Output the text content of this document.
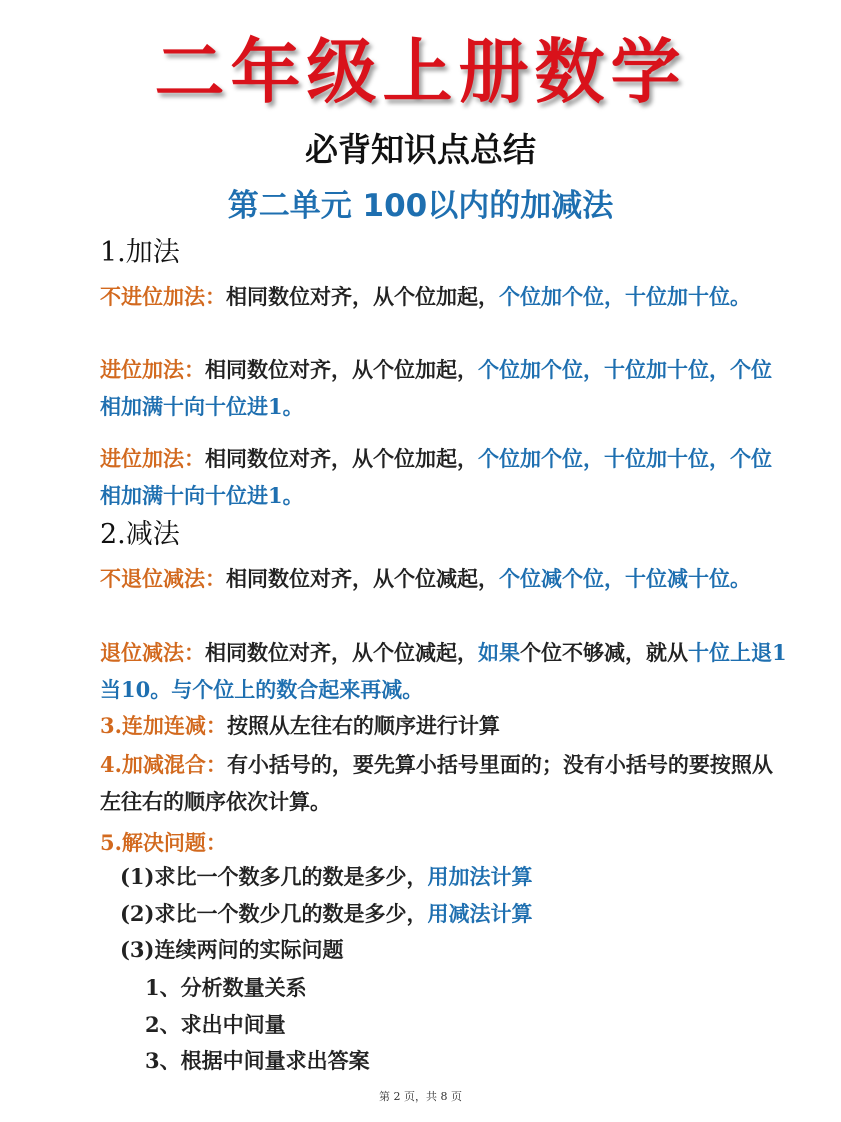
二年级上册数学
必背知识点总结
第二单元 100以内的加减法
1.加法
不进位加法：相同数位对齐，从个位加起，个位加个位，十位加十位。
进位加法：相同数位对齐，从个位加起，个位加个位，十位加十位，个位相加满十向十位进1。
进位加法：相同数位对齐，从个位加起，个位加个位，十位加十位，个位相加满十向十位进1。
2.减法
不退位减法：相同数位对齐，从个位减起，个位减个位，十位减十位。
退位减法：相同数位对齐，从个位减起，如果个位不够减，就从十位上退1当10。与个位上的数合起来再减。
3.连加连减：按照从左往右的顺序进行计算
4.加减混合：有小括号的，要先算小括号里面的；没有小括号的要按照从左往右的顺序依次计算。
5.解决问题：
(1)求比一个数多几的数是多少，用加法计算
(2)求比一个数少几的数是多少，用减法计算
(3)连续两问的实际问题
1、分析数量关系
2、求出中间量
3、根据中间量求出答案
第 2 页，共 8 页
